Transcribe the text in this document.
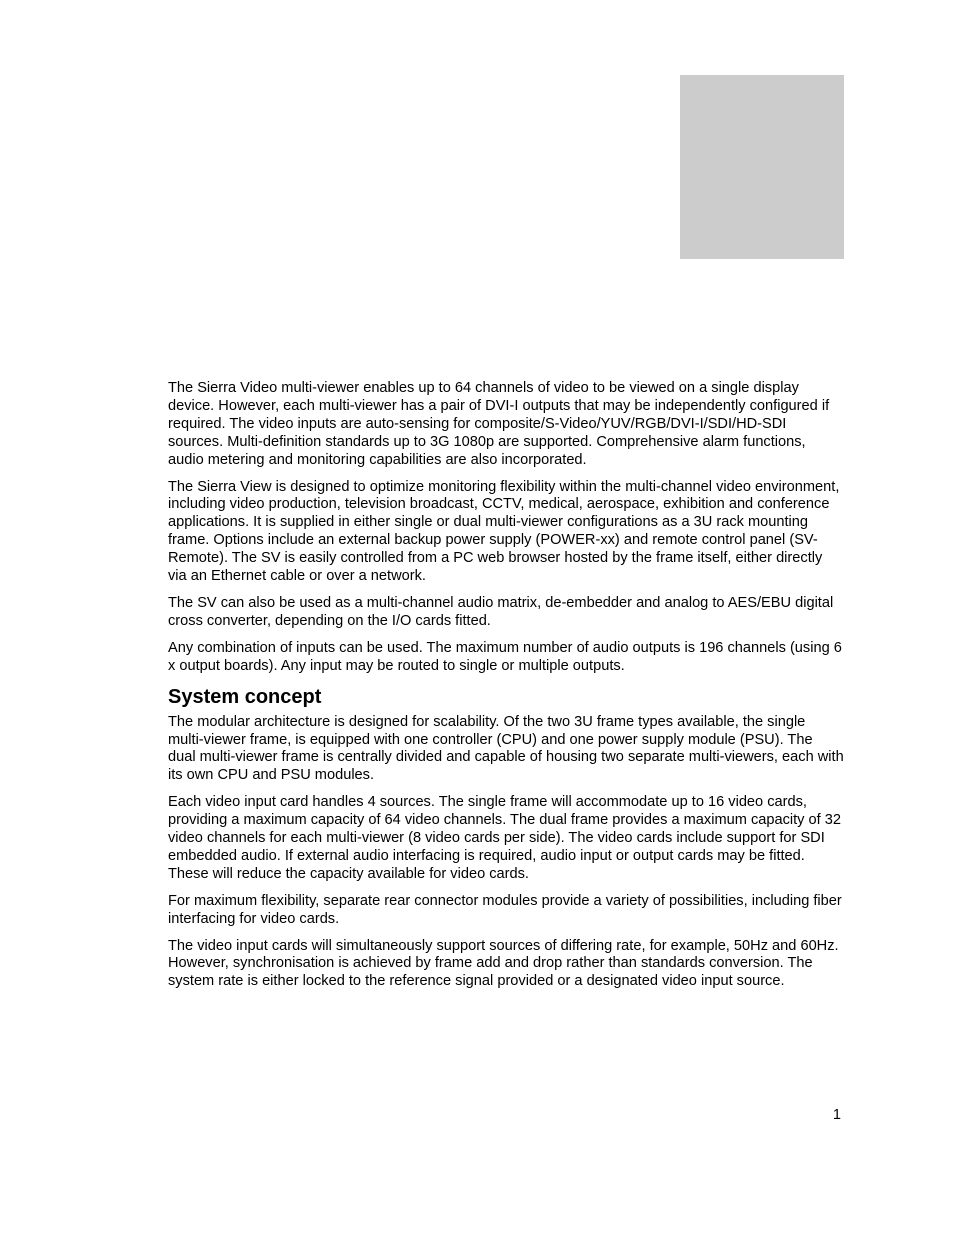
The Sierra Video multi-viewer enables up to 64 channels of video to be viewed on a single display device. However, each multi-viewer has a pair of DVI-I outputs that may be independently configured if required. The video inputs are auto-sensing for composite/S-Video/YUV/RGB/DVI-I/SDI/HD-SDI sources. Multi-definition standards up to 3G 1080p are supported. Comprehensive alarm functions, audio metering and monitoring capabilities are also incorporated.

The Sierra View is designed to optimize monitoring flexibility within the multi-channel video environment, including video production, television broadcast, CCTV, medical, aerospace, exhibition and conference applications. It is supplied in either single or dual multi-viewer configurations as a 3U rack mounting frame. Options include an external backup power supply (POWER-xx) and remote control panel (SV-Remote). The SV is easily controlled from a PC web browser hosted by the frame itself, either directly via an Ethernet cable or over a network.

The SV can also be used as a multi-channel audio matrix, de-embedder and analog to AES/EBU digital cross converter, depending on the I/O cards fitted.

Any combination of inputs can be used. The maximum number of audio outputs is 196 channels (using 6 x output boards). Any input may be routed to single or multiple outputs.

System concept

The modular architecture is designed for scalability. Of the two 3U frame types available, the single multi-viewer frame, is equipped with one controller (CPU) and one power supply module (PSU). The dual multi-viewer frame is centrally divided and capable of housing two separate multi-viewers, each with its own CPU and PSU modules.

Each video input card handles 4 sources. The single frame will accommodate up to 16 video cards, providing a maximum capacity of 64 video channels. The dual frame provides a maximum capacity of 32 video channels for each multi-viewer (8 video cards per side). The video cards include support for SDI embedded audio. If external audio interfacing is required, audio input or output cards may be fitted. These will reduce the capacity available for video cards.

For maximum flexibility, separate rear connector modules provide a variety of possibilities, including fiber interfacing for video cards.

The video input cards will simultaneously support sources of differing rate, for example, 50Hz and 60Hz. However, synchronisation is achieved by frame add and drop rather than standards conversion. The system rate is either locked to the reference signal provided or a designated video input source.

1
